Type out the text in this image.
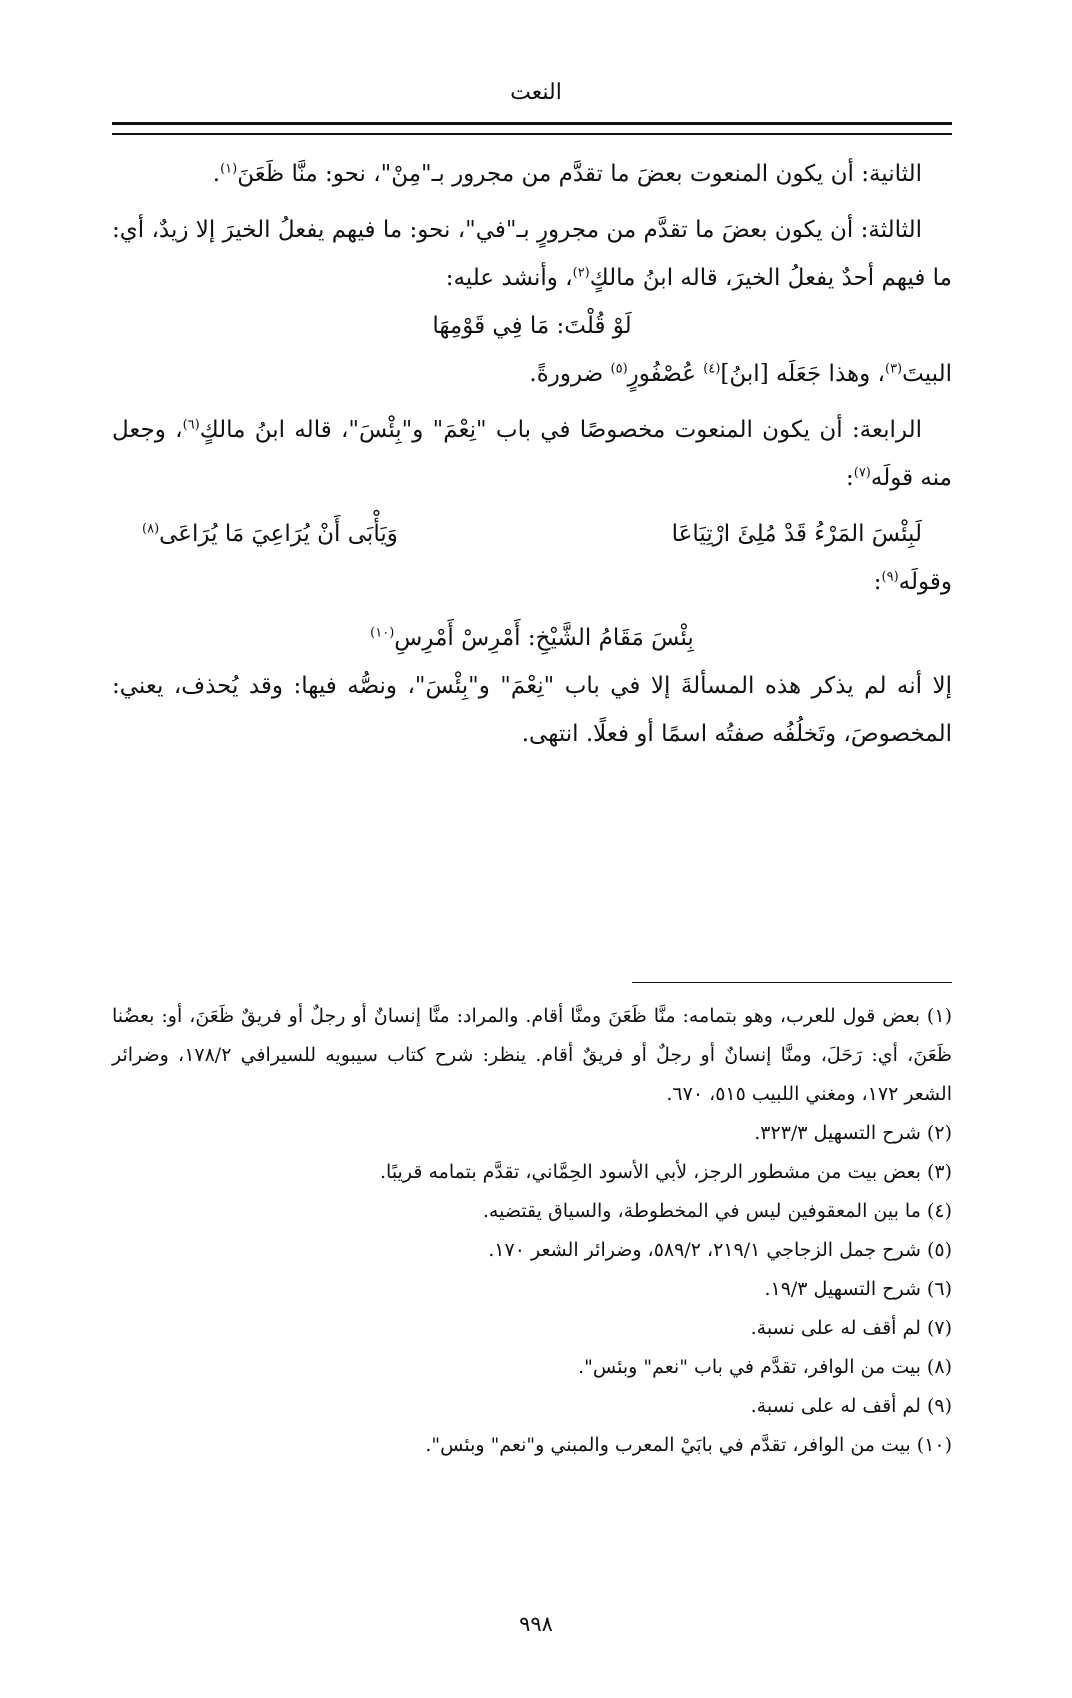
النعت

الثانية: أن يكون المنعوت بعضَ ما تقدَّم من مجرور بـ"مِنْ"، نحو: منَّا ظَعَنَ$^{(١)}$.

الثالثة: أن يكون بعضَ ما تقدَّم من مجرورٍ بـ"في"، نحو: ما فيهم يفعلُ الخيرَ إلا زيدٌ، أي: ما فيهم أحدٌ يفعلُ الخيرَ، قاله ابنُ مالكٍ$^{(٢)}$، وأنشد عليه:

لَوْ قُلْتَ: مَا فِي قَوْمِهَا

البيتَ$^{(٣)}$، وهذا جَعَلَه [ابنُ]$^{(٤)}$ عُصْفُورٍ$^{(٥)}$ ضرورةً.

الرابعة: أن يكون المنعوت مخصوصًا في باب "نِعْمَ" و"بِئْسَ"، قاله ابنُ مالكٍ$^{(٦)}$، وجعل منه قولَه$^{(٧)}$:

لَبِئْسَ المَرْءُ قَدْ مُلِئَ ارْتِيَاعَا
وَيَأْبَى أَنْ يُرَاعِيَ مَا يُرَاعَى$^{(٨)}$

وقولَه$^{(٩)}$:

بِئْسَ مَقَامُ الشَّيْخِ: أَمْرِسْ أَمْرِسِ$^{(١٠)}$

إلا أنه لم يذكر هذه المسألةَ إلا في باب "نِعْمَ" و"بِئْسَ"، ونصُّه فيها: وقد يُحذف، يعني: المخصوصَ، وتَخلُفُه صفتُه اسمًا أو فعلًا. انتهى.

(١) بعض قول للعرب، وهو بتمامه: منَّا ظَعَنَ ومنَّا أقام. والمراد: منَّا إنسانٌ أو رجلٌ أو فريقٌ ظَعَنَ، أو: بعضُنا ظَعَنَ، أي: رَحَلَ، ومنَّا إنسانٌ أو رجلٌ أو فريقٌ أقام. ينظر: شرح كتاب سيبويه للسيرافي ١٧٨/٢، وضرائر الشعر ١٧٢، ومغني اللبيب ٥١٥، ٦٧٠.

(٢) شرح التسهيل ٣٢٣/٣.

(٣) بعض بيت من مشطور الرجز، لأبي الأسود الحِمَّاني، تقدَّم بتمامه قريبًا.

(٤) ما بين المعقوفين ليس في المخطوطة، والسياق يقتضيه.

(٥) شرح جمل الزجاجي ٢١٩/١، ٥٨٩/٢، وضرائر الشعر ١٧٠.

(٦) شرح التسهيل ١٩/٣.

(٧) لم أقف له على نسبة.

(٨) بيت من الوافر، تقدَّم في باب "نعم" وبئس".

(٩) لم أقف له على نسبة.

(١٠) بيت من الوافر، تقدَّم في بابَيْ المعرب والمبني و"نعم" وبئس".

٩٩٨
